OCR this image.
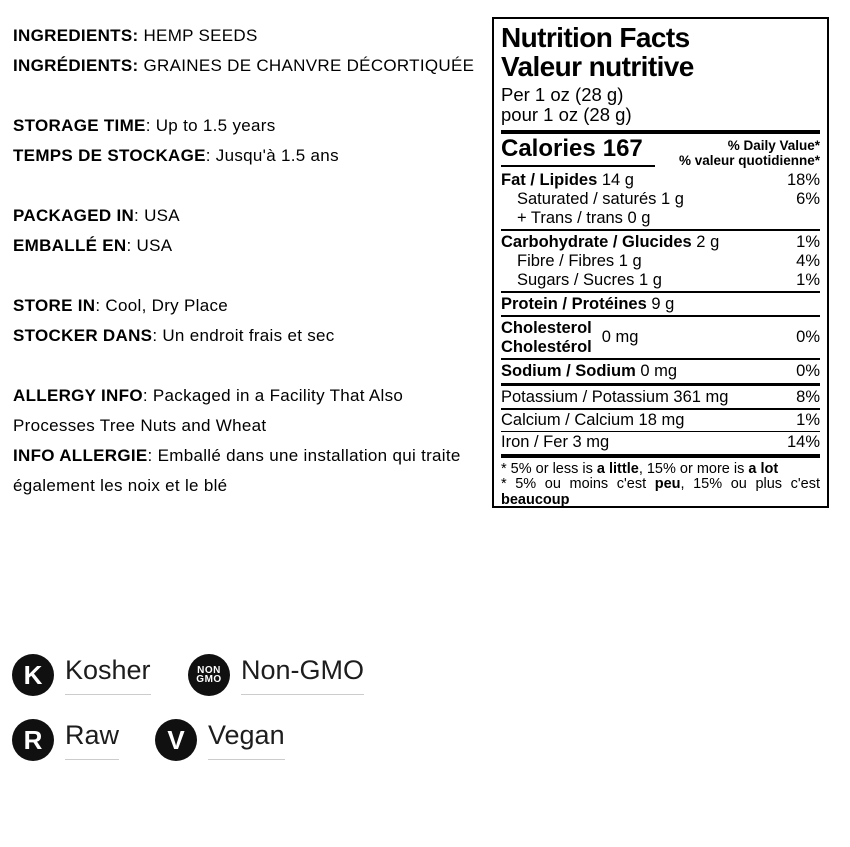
INGREDIENTS: HEMP SEEDS
INGRÉDIENTS: GRAINES DE CHANVRE DÉCORTIQUÉE
STORAGE TIME: Up to 1.5 years
TEMPS DE STOCKAGE: Jusqu'à 1.5 ans
PACKAGED IN: USA
EMBALLÉ EN: USA
STORE IN: Cool, Dry Place
STOCKER DANS: Un endroit frais et sec
ALLERGY INFO: Packaged in a Facility That Also Processes Tree Nuts and Wheat
INFO ALLERGIE: Emballé dans une installation qui traite également les noix et le blé
Nutrition Facts
Valeur nutritive
Per 1 oz (28 g)
pour 1 oz (28 g)
Calories 167	% Daily Value*
% valeur quotidienne*
Fat / Lipides 14 g	18%
Saturated / saturés 1 g	6%
+ Trans / trans 0 g
Carbohydrate / Glucides 2 g	1%
Fibre / Fibres 1 g	4%
Sugars / Sucres 1 g	1%
Protein / Protéines 9 g
Cholesterol
Cholestérol
0 mg	0%
Sodium / Sodium 0 mg	0%
Potassium / Potassium 361 mg	8%
Calcium / Calcium 18 mg	1%
Iron / Fer 3 mg	14%
* 5% or less is a little, 15% or more is a lot
* 5% ou moins c'est peu, 15% ou plus c'est beaucoup
K Kosher	NON
GMO Non-GMO
R Raw V Vegan
